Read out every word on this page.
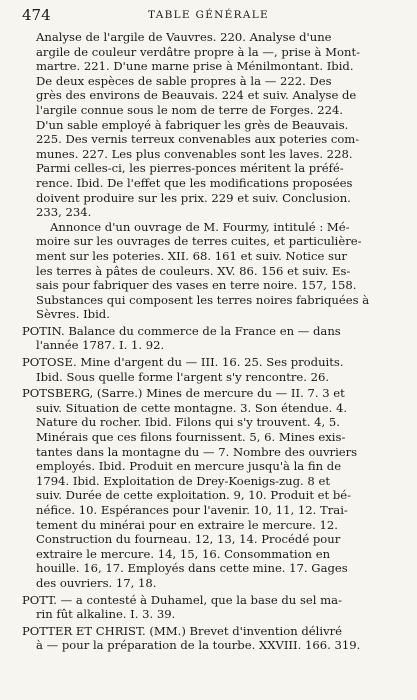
474	TABLE GÉNÉRALE
Analyse de l'argile de Vauvres. 220. Analyse d'une
argile de couleur verdâtre propre à la —, prise à Mont-
martre. 221. D'une marne prise à Ménilmontant. Ibid.
De deux espèces de sable propres à la — 222. Des
grès des environs de Beauvais. 224 et suiv. Analyse de
l'argile connue sous le nom de terre de Forges. 224.
D'un sable employé à fabriquer les grès de Beauvais.
225. Des vernis terreux convenables aux poteries com-
munes. 227. Les plus convenables sont les laves. 228.
Parmi celles-ci, les pierres-ponces méritent la préfé-
rence. Ibid. De l'effet que les modifications proposées
doivent produire sur les prix. 229 et suiv. Conclusion.
233, 234.
Annonce d'un ouvrage de M. Fourmy, intitulé : Mé-
moire sur les ouvrages de terres cuites, et particulière-
ment sur les poteries. XII. 68. 161 et suiv. Notice sur
les terres à pâtes de couleurs. XV. 86. 156 et suiv. Es-
sais pour fabriquer des vases en terre noire. 157, 158.
Substances qui composent les terres noires fabriquées à
Sèvres. Ibid.
POTIN. Balance du commerce de la France en — dans
l'année 1787. I. 1. 92.
POTOSE. Mine d'argent du — III. 16. 25. Ses produits.
Ibid. Sous quelle forme l'argent s'y rencontre. 26.
POTSBERG, (Sarre.) Mines de mercure du — II. 7. 3 et
suiv. Situation de cette montagne. 3. Son étendue. 4.
Nature du rocher. Ibid. Filons qui s'y trouvent. 4, 5.
Minérais que ces filons fournissent. 5, 6. Mines exis-
tantes dans la montagne du — 7. Nombre des ouvriers
employés. Ibid. Produit en mercure jusqu'à la fin de
1794. Ibid. Exploitation de Drey-Koenigs-zug. 8 et
suiv. Durée de cette exploitation. 9, 10. Produit et bé-
néfice. 10. Espérances pour l'avenir. 10, 11, 12. Trai-
tement du minérai pour en extraire le mercure. 12.
Construction du fourneau. 12, 13, 14. Procédé pour
extraire le mercure. 14, 15, 16. Consommation en
houille. 16, 17. Employés dans cette mine. 17. Gages
des ouvriers. 17, 18.
POTT. — a contesté à Duhamel, que la base du sel ma-
rin fût alkaline. I. 3. 39.
POTTER ET CHRIST. (MM.) Brevet d'invention délivré
à — pour la préparation de la tourbe. XXVIII. 166. 319.
